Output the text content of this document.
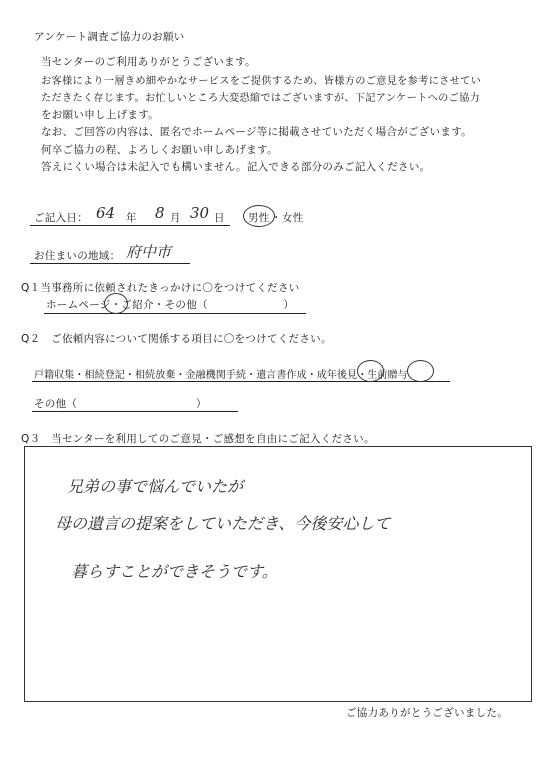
アンケート調査ご協力のお願い
当センターのご利用ありがとうございます。
お客様により一層きめ細やかなサービスをご提供するため、皆様方のご意見を参考にさせてい
ただきたく存じます。お忙しいところ大変恐縮ではございますが、下記アンケートへのご協力
をお願い申し上げます。
なお、ご回答の内容は、匿名でホームページ等に掲載させていただく場合がございます。
何卒ご協力の程、よろしくお願い申しあげます。
答えにくい場合は未記入でも構いません。記入できる部分のみご記入ください。
ご記入日： 64 年 8 月 30 日 男性 ・ 女性
お住まいの地域： 府中市
Q１当事務所に依頼されたきっかけに〇をつけてください
ホームページ・ご紹介・その他（　　　　　　　）
Q２　ご依頼内容について関係する項目に〇をつけてください。
戸籍収集・相続登記・相続放棄・金融機関手続・遺言書作成・成年後見・生前贈与
その他（　　　　　　　　　　　）
Q３　当センターを利用してのご意見・ご感想を自由にご記入ください。
兄弟の事で悩んでいたが
母の遺言の提案をしていただき、今後安心して
暮らすことができそうです。
ご協力ありがとうございました。
